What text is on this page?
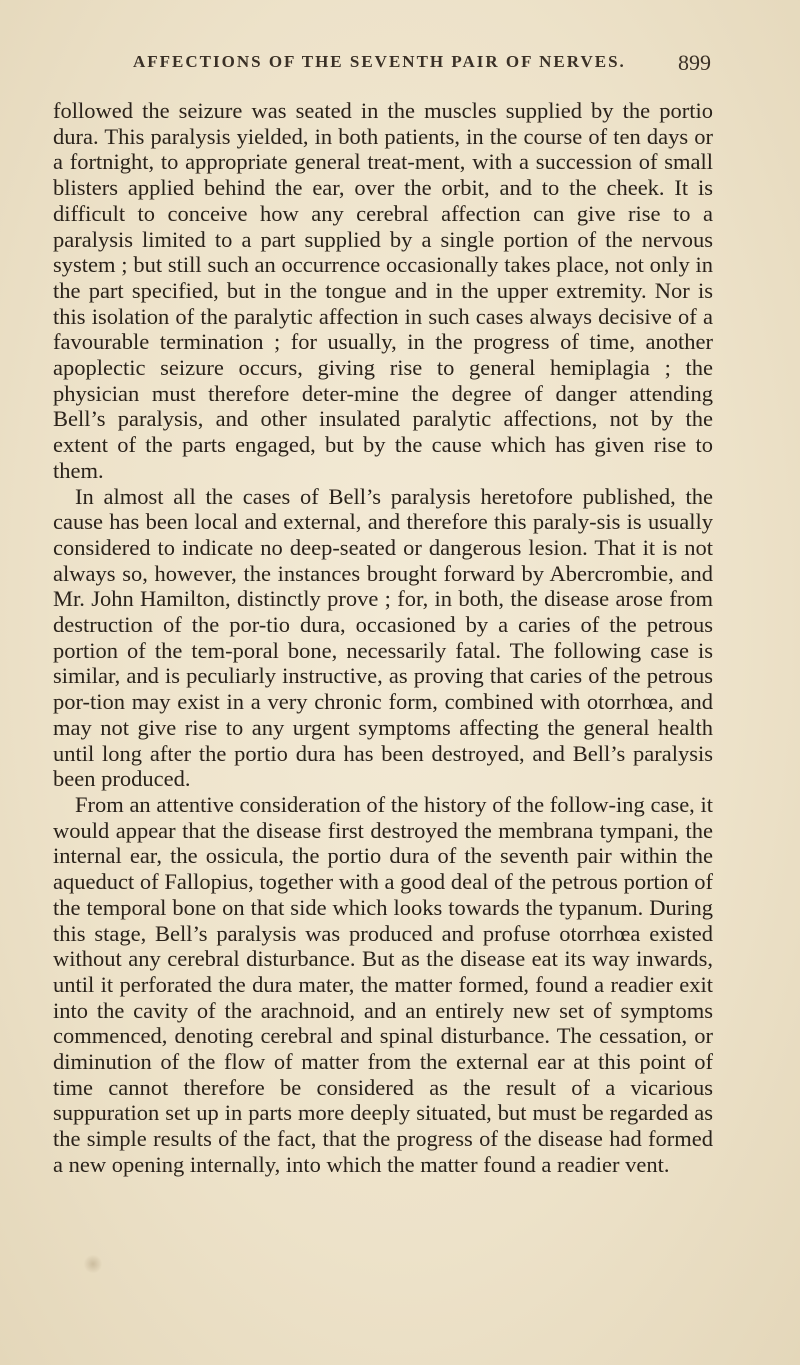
AFFECTIONS OF THE SEVENTH PAIR OF NERVES. 899

followed the seizure was seated in the muscles supplied by the portio dura. This paralysis yielded, in both patients, in the course of ten days or a fortnight, to appropriate general treat-ment, with a succession of small blisters applied behind the ear, over the orbit, and to the cheek. It is difficult to conceive how any cerebral affection can give rise to a paralysis limited to a part supplied by a single portion of the nervous system ; but still such an occurrence occasionally takes place, not only in the part specified, but in the tongue and in the upper extremity. Nor is this isolation of the paralytic affection in such cases always decisive of a favourable termination ; for usually, in the progress of time, another apoplectic seizure occurs, giving rise to general hemiplagia ; the physician must therefore deter-mine the degree of danger attending Bell’s paralysis, and other insulated paralytic affections, not by the extent of the parts engaged, but by the cause which has given rise to them.

In almost all the cases of Bell’s paralysis heretofore published, the cause has been local and external, and therefore this paraly-sis is usually considered to indicate no deep-seated or dangerous lesion. That it is not always so, however, the instances brought forward by Abercrombie, and Mr. John Hamilton, distinctly prove ; for, in both, the disease arose from destruction of the por-tio dura, occasioned by a caries of the petrous portion of the tem-poral bone, necessarily fatal. The following case is similar, and is peculiarly instructive, as proving that caries of the petrous por-tion may exist in a very chronic form, combined with otorrhœa, and may not give rise to any urgent symptoms affecting the general health until long after the portio dura has been destroyed, and Bell’s paralysis been produced.

From an attentive consideration of the history of the follow-ing case, it would appear that the disease first destroyed the membrana tympani, the internal ear, the ossicula, the portio dura of the seventh pair within the aqueduct of Fallopius, together with a good deal of the petrous portion of the temporal bone on that side which looks towards the typanum. During this stage, Bell’s paralysis was produced and profuse otorrhœa existed without any cerebral disturbance. But as the disease eat its way inwards, until it perforated the dura mater, the matter formed, found a readier exit into the cavity of the arachnoid, and an entirely new set of symptoms commenced, denoting cerebral and spinal disturbance. The cessation, or diminution of the flow of matter from the external ear at this point of time cannot therefore be considered as the result of a vicarious suppuration set up in parts more deeply situated, but must be regarded as the simple results of the fact, that the progress of the disease had formed a new opening internally, into which the matter found a readier vent.
